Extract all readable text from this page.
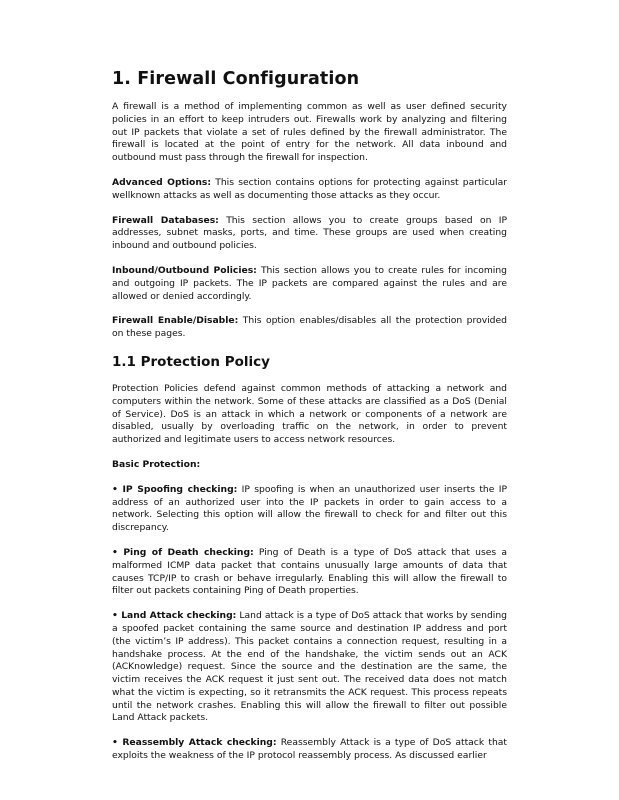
1. Firewall Configuration

A firewall is a method of implementing common as well as user defined security policies in an effort to keep intruders out. Firewalls work by analyzing and filtering out IP packets that violate a set of rules defined by the firewall administrator. The firewall is located at the point of entry for the network. All data inbound and outbound must pass through the firewall for inspection.

Advanced Options: This section contains options for protecting against particular wellknown attacks as well as documenting those attacks as they occur.

Firewall Databases: This section allows you to create groups based on IP addresses, subnet masks, ports, and time. These groups are used when creating inbound and outbound policies.

Inbound/Outbound Policies: This section allows you to create rules for incoming and outgoing IP packets. The IP packets are compared against the rules and are allowed or denied accordingly.

Firewall Enable/Disable: This option enables/disables all the protection provided on these pages.

1.1 Protection Policy

Protection Policies defend against common methods of attacking a network and computers within the network. Some of these attacks are classified as a DoS (Denial of Service). DoS is an attack in which a network or components of a network are disabled, usually by overloading traffic on the network, in order to prevent authorized and legitimate users to access network resources.

Basic Protection:

• IP Spoofing checking: IP spoofing is when an unauthorized user inserts the IP address of an authorized user into the IP packets in order to gain access to a network. Selecting this option will allow the firewall to check for and filter out this discrepancy.

• Ping of Death checking: Ping of Death is a type of DoS attack that uses a malformed ICMP data packet that contains unusually large amounts of data that causes TCP/IP to crash or behave irregularly. Enabling this will allow the firewall to filter out packets containing Ping of Death properties.

• Land Attack checking: Land attack is a type of DoS attack that works by sending a spoofed packet containing the same source and destination IP address and port (the victim’s IP address). This packet contains a connection request, resulting in a handshake process. At the end of the handshake, the victim sends out an ACK (ACKnowledge) request. Since the source and the destination are the same, the victim receives the ACK request it just sent out. The received data does not match what the victim is expecting, so it retransmits the ACK request. This process repeats until the network crashes. Enabling this will allow the firewall to filter out possible Land Attack packets.

• Reassembly Attack checking: Reassembly Attack is a type of DoS attack that exploits the weakness of the IP protocol reassembly process. As discussed earlier
